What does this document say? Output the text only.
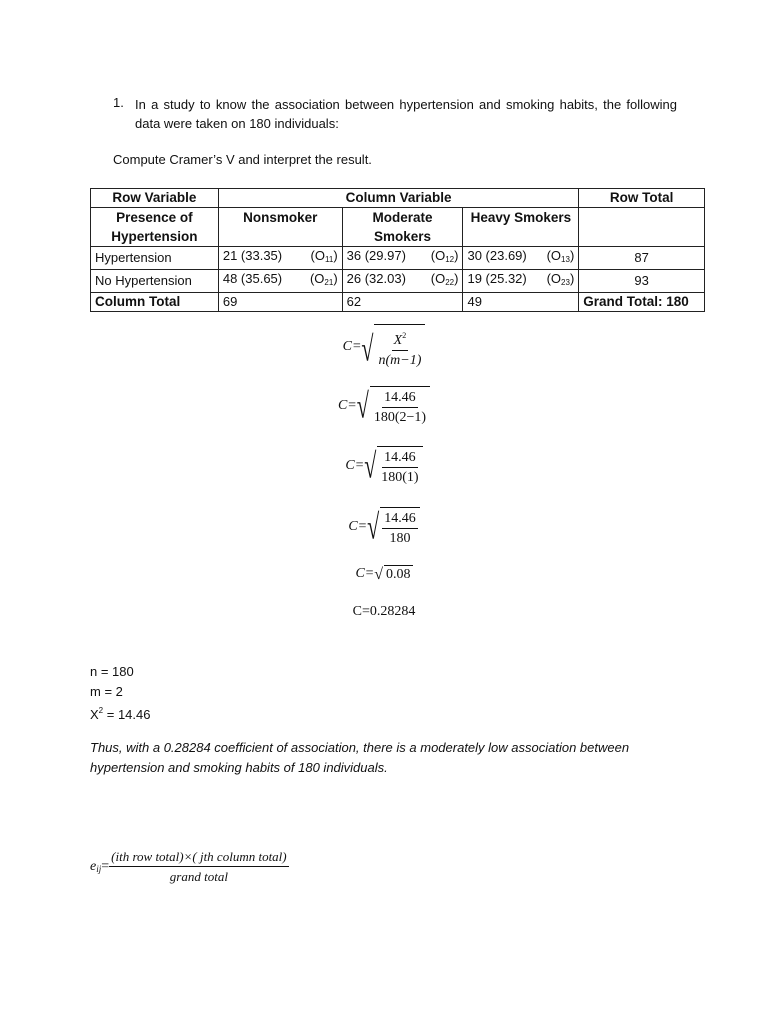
1. In a study to know the association between hypertension and smoking habits, the following data were taken on 180 individuals:
Compute Cramer’s V and interpret the result.
Row Variable	Column Variable			Row Total
Presence of Hypertension	Nonsmoker	Moderate Smokers	Heavy Smokers	
Hypertension	21 (33.35) $(O_{11})$	36 (29.97) $(O_{12})$	30 (23.69) $(O_{13})$	87
No Hypertension	48 (35.65) $(O_{21})$	26 (32.03) $(O_{22})$	19 (25.32) $(O_{23})$	93
Column Total	69	62	49	Grand Total: 180
C= √ $\frac{X^2}{n(m-1)}$
C= √ $\frac{14.46}{180(2-1)}$
C= √ $\frac{14.46}{180(1)}$
C= √ $\frac{14.46}{180}$
C= √ 0.08
C=0.28284
n = 180
m = 2
$X^2 = 14.46$
Thus, with a 0.28284 coefficient of association, there is a moderately low association between hypertension and smoking habits of 180 individuals.
$e_{ij} = \frac{\text{(ith row total)×( jth column total)}}{\text{grand total}}$
